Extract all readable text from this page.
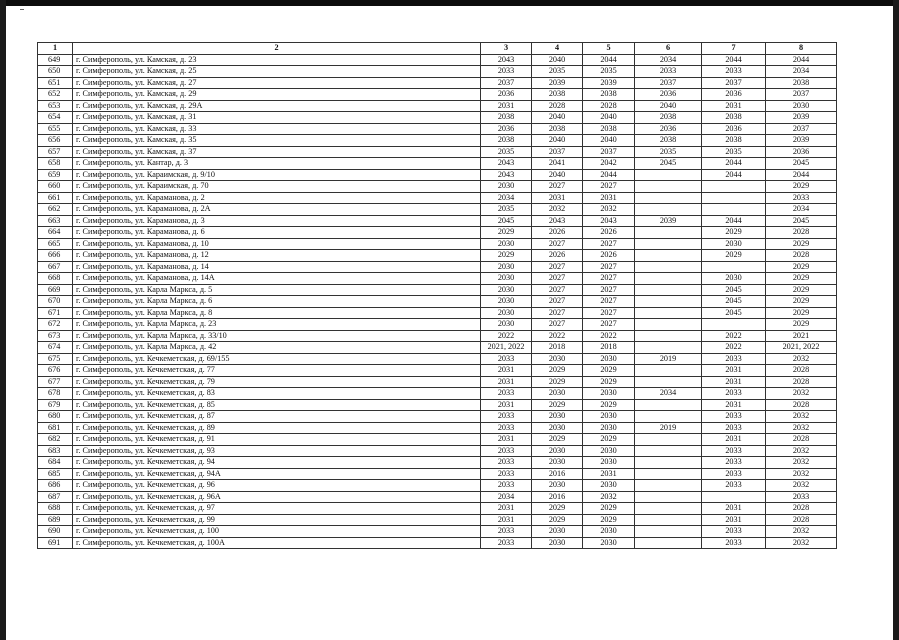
1	2	3	4	5	6	7	8
649	г. Симферополь, ул. Камская, д. 23	2043	2040	2044	2034	2044	2044
650	г. Симферополь, ул. Камская, д. 25	2033	2035	2035	2033	2033	2034
651	г. Симферополь, ул. Камская, д. 27	2037	2039	2039	2037	2037	2038
652	г. Симферополь, ул. Камская, д. 29	2036	2038	2038	2036	2036	2037
653	г. Симферополь, ул. Камская, д. 29А	2031	2028	2028	2040	2031	2030
654	г. Симферополь, ул. Камская, д. 31	2038	2040	2040	2038	2038	2039
655	г. Симферополь, ул. Камская, д. 33	2036	2038	2038	2036	2036	2037
656	г. Симферополь, ул. Камская, д. 35	2038	2040	2040	2038	2038	2039
657	г. Симферополь, ул. Камская, д. 37	2035	2037	2037	2035	2035	2036
658	г. Симферополь, ул. Кантар, д. 3	2043	2041	2042	2045	2044	2045
659	г. Симферополь, ул. Караимская, д. 9/10	2043	2040	2044		2044	2044
660	г. Симферополь, ул. Караимская, д. 70	2030	2027	2027			2029
661	г. Симферополь, ул. Караманова, д. 2	2034	2031	2031			2033
662	г. Симферополь, ул. Караманова, д. 2А	2035	2032	2032			2034
663	г. Симферополь, ул. Караманова, д. 3	2045	2043	2043	2039	2044	2045
664	г. Симферополь, ул. Караманова, д. 6	2029	2026	2026		2029	2028
665	г. Симферополь, ул. Караманова, д. 10	2030	2027	2027		2030	2029
666	г. Симферополь, ул. Караманова, д. 12	2029	2026	2026		2029	2028
667	г. Симферополь, ул. Караманова, д. 14	2030	2027	2027			2029
668	г. Симферополь, ул. Караманова, д. 14А	2030	2027	2027		2030	2029
669	г. Симферополь, ул. Карла Маркса, д. 5	2030	2027	2027		2045	2029
670	г. Симферополь, ул. Карла Маркса, д. 6	2030	2027	2027		2045	2029
671	г. Симферополь, ул. Карла Маркса, д. 8	2030	2027	2027		2045	2029
672	г. Симферополь, ул. Карла Маркса, д. 23	2030	2027	2027			2029
673	г. Симферополь, ул. Карла Маркса, д. 33/10	2022	2022	2022		2022	2021
674	г. Симферополь, ул. Карла Маркса, д. 42	2021, 2022	2018	2018		2022	2021, 2022
675	г. Симферополь, ул. Кечкеметская, д. 69/155	2033	2030	2030	2019	2033	2032
676	г. Симферополь, ул. Кечкеметская, д. 77	2031	2029	2029		2031	2028
677	г. Симферополь, ул. Кечкеметская, д. 79	2031	2029	2029		2031	2028
678	г. Симферополь, ул. Кечкеметская, д. 83	2033	2030	2030	2034	2033	2032
679	г. Симферополь, ул. Кечкеметская, д. 85	2031	2029	2029		2031	2028
680	г. Симферополь, ул. Кечкеметская, д. 87	2033	2030	2030		2033	2032
681	г. Симферополь, ул. Кечкеметская, д. 89	2033	2030	2030	2019	2033	2032
682	г. Симферополь, ул. Кечкеметская, д. 91	2031	2029	2029		2031	2028
683	г. Симферополь, ул. Кечкеметская, д. 93	2033	2030	2030		2033	2032
684	г. Симферополь, ул. Кечкеметская, д. 94	2033	2030	2030		2033	2032
685	г. Симферополь, ул. Кечкеметская, д. 94А	2033	2016	2031		2033	2032
686	г. Симферополь, ул. Кечкеметская, д. 96	2033	2030	2030		2033	2032
687	г. Симферополь, ул. Кечкеметская, д. 96А	2034	2016	2032			2033
688	г. Симферополь, ул. Кечкеметская, д. 97	2031	2029	2029		2031	2028
689	г. Симферополь, ул. Кечкеметская, д. 99	2031	2029	2029		2031	2028
690	г. Симферополь, ул. Кечкеметская, д. 100	2033	2030	2030		2033	2032
691	г. Симферополь, ул. Кечкеметская, д. 100А	2033	2030	2030		2033	2032
